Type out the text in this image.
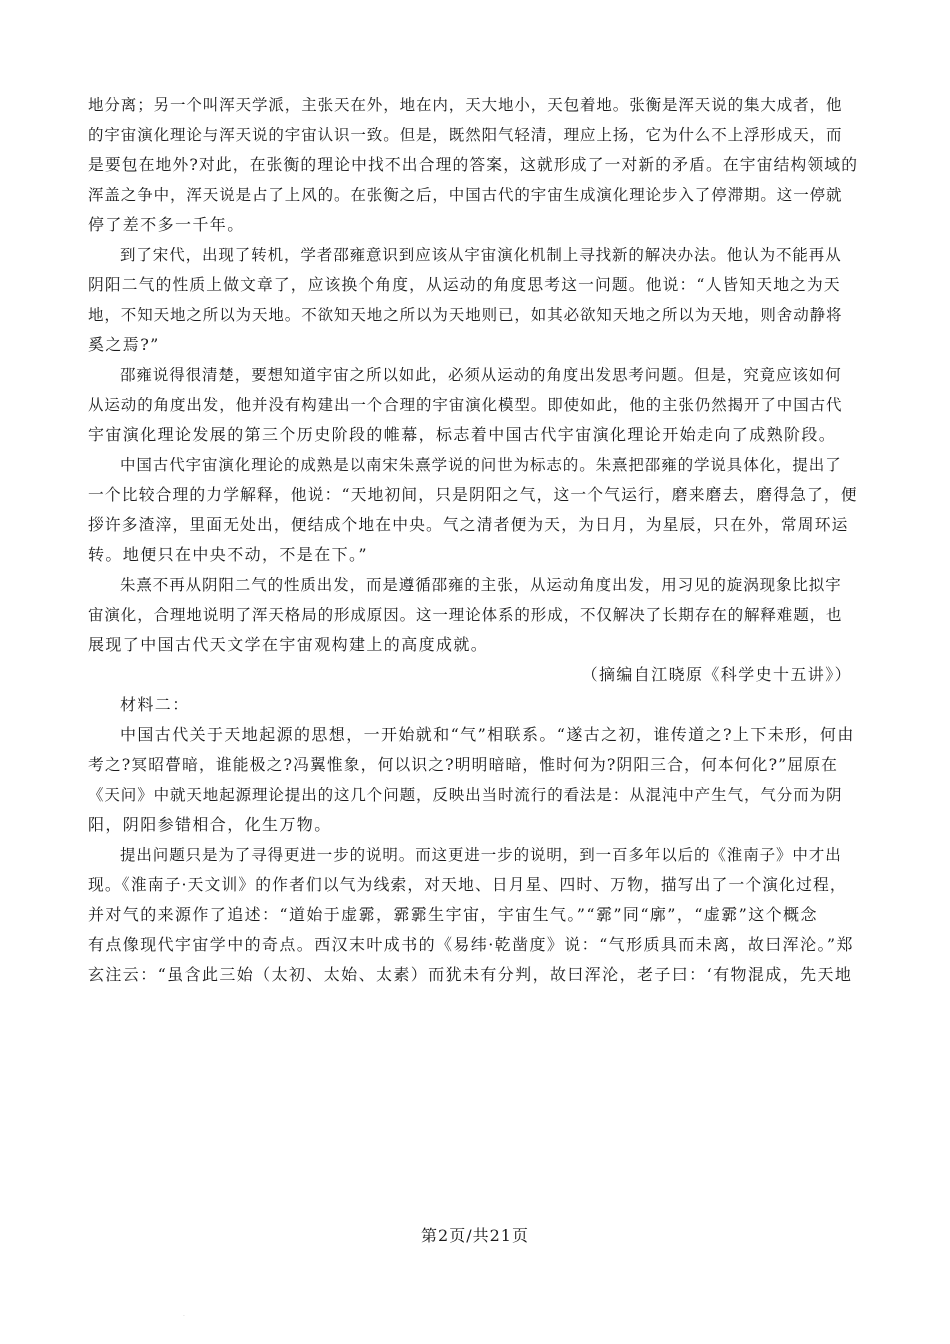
地分离；另一个叫浑天学派，主张天在外，地在内，天大地小，天包着地。张衡是浑天说的集大成者，他
的宇宙演化理论与浑天说的宇宙认识一致。但是，既然阳气轻清，理应上扬，它为什么不上浮形成天，而
是要包在地外?对此，在张衡的理论中找不出合理的答案，这就形成了一对新的矛盾。在宇宙结构领域的
浑盖之争中，浑天说是占了上风的。在张衡之后，中国古代的宇宙生成演化理论步入了停滞期。这一停就
停了差不多一千年。
到了宋代，出现了转机，学者邵雍意识到应该从宇宙演化机制上寻找新的解决办法。他认为不能再从
阴阳二气的性质上做文章了，应该换个角度，从运动的角度思考这一问题。他说：“人皆知天地之为天
地，不知天地之所以为天地。不欲知天地之所以为天地则已，如其必欲知天地之所以为天地，则舍动静将
奚之焉?”
邵雍说得很清楚，要想知道宇宙之所以如此，必须从运动的角度出发思考问题。但是，究竟应该如何
从运动的角度出发，他并没有构建出一个合理的宇宙演化模型。即使如此，他的主张仍然揭开了中国古代
宇宙演化理论发展的第三个历史阶段的帷幕，标志着中国古代宇宙演化理论开始走向了成熟阶段。
中国古代宇宙演化理论的成熟是以南宋朱熹学说的问世为标志的。朱熹把邵雍的学说具体化，提出了
一个比较合理的力学解释，他说：“天地初间，只是阴阳之气，这一个气运行，磨来磨去，磨得急了，便
拶许多渣滓，里面无处出，便结成个地在中央。气之清者便为天，为日月，为星辰，只在外，常周环运
转。地便只在中央不动，不是在下。”
朱熹不再从阴阳二气的性质出发，而是遵循邵雍的主张，从运动角度出发，用习见的旋涡现象比拟宇
宙演化，合理地说明了浑天格局的形成原因。这一理论体系的形成，不仅解决了长期存在的解释难题，也
展现了中国古代天文学在宇宙观构建上的高度成就。
（摘编自江晓原《科学史十五讲》）
材料二：
中国古代关于天地起源的思想，一开始就和“气”相联系。“遂古之初，谁传道之?上下未形，何由
考之?冥昭瞢暗，谁能极之?冯翼惟象，何以识之?明明暗暗，惟时何为?阴阳三合，何本何化?”屈原在
《天问》中就天地起源理论提出的这几个问题，反映出当时流行的看法是：从混沌中产生气，气分而为阴
阳，阴阳参错相合，化生万物。
提出问题只是为了寻得更进一步的说明。而这更进一步的说明，到一百多年以后的《淮南子》中才出
现。《淮南子·天文训》的作者们以气为线索，对天地、日月星、四时、万物，描写出了一个演化过程，
并对气的来源作了追述：“道始于虚霩，霩霩生宇宙，宇宙生气。”“霩”同“廓”，“虚霩”这个概念
有点像现代宇宙学中的奇点。西汉末叶成书的《易纬·乾凿度》说：“气形质具而未离，故曰浑沦。”郑
玄注云：“虽含此三始（太初、太始、太素）而犹未有分判，故曰浑沦，老子曰：‘有物混成，先天地
第2页/共21页
·
